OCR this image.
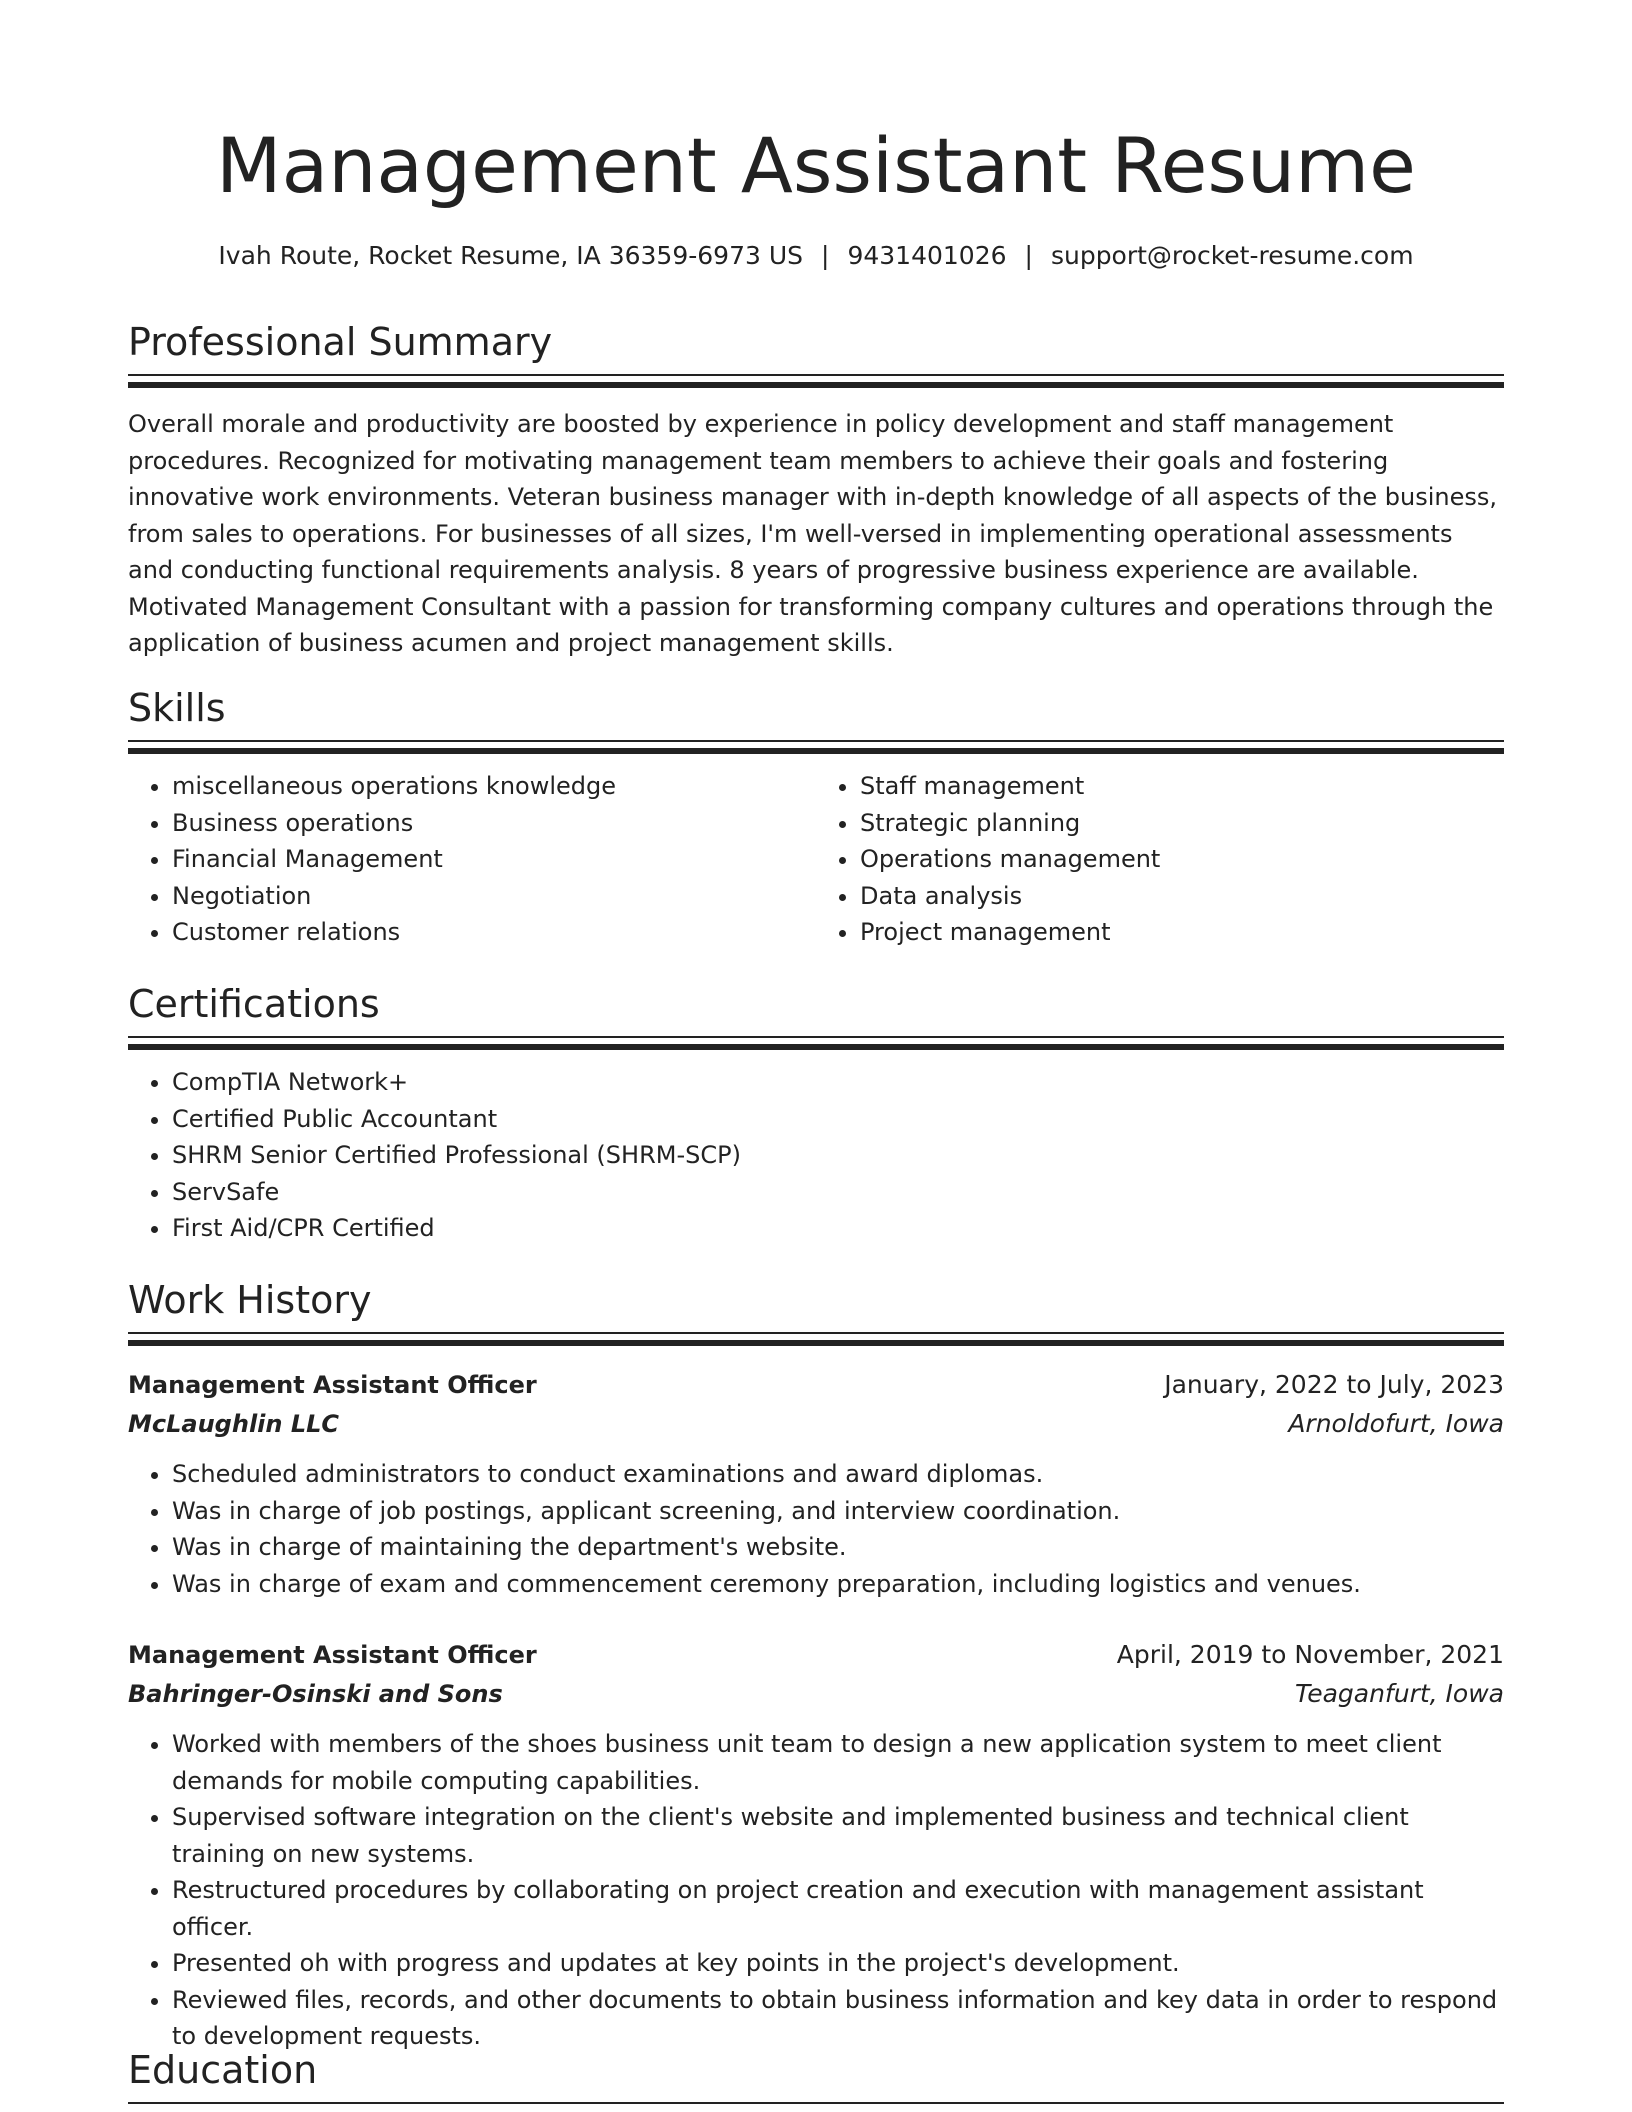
Management Assistant Resume
Ivah Route, Rocket Resume, IA 36359-6973 US | 9431401026 | support@rocket-resume.com
Professional Summary

Overall morale and productivity are boosted by experience in policy development and staff management procedures. Recognized for motivating management team members to achieve their goals and fostering innovative work environments. Veteran business manager with in-depth knowledge of all aspects of the business, from sales to operations. For businesses of all sizes, I'm well-versed in implementing operational assessments and conducting functional requirements analysis. 8 years of progressive business experience are available. Motivated Management Consultant with a passion for transforming company cultures and operations through the application of business acumen and project management skills.

Skills
• miscellaneous operations knowledge
• Business operations
• Financial Management
• Negotiation
• Customer relations
• Staff management
• Strategic planning
• Operations management
• Data analysis
• Project management
Certifications
• CompTIA Network+
• Certified Public Accountant
• SHRM Senior Certified Professional (SHRM-SCP)
• ServSafe
• First Aid/CPR Certified
Work History
Management Assistant Officer	January, 2022 to July, 2023
McLaughlin LLC	Arnoldofurt, Iowa
• Scheduled administrators to conduct examinations and award diplomas.
• Was in charge of job postings, applicant screening, and interview coordination.
• Was in charge of maintaining the department's website.
• Was in charge of exam and commencement ceremony preparation, including logistics and venues.
Management Assistant Officer	April, 2019 to November, 2021
Bahringer-Osinski and Sons	Teaganfurt, Iowa
• Worked with members of the shoes business unit team to design a new application system to meet client demands for mobile computing capabilities.
• Supervised software integration on the client's website and implemented business and technical client training on new systems.
• Restructured procedures by collaborating on project creation and execution with management assistant officer.
• Presented oh with progress and updates at key points in the project's development.
• Reviewed files, records, and other documents to obtain business information and key data in order to respond to development requests.
Education
